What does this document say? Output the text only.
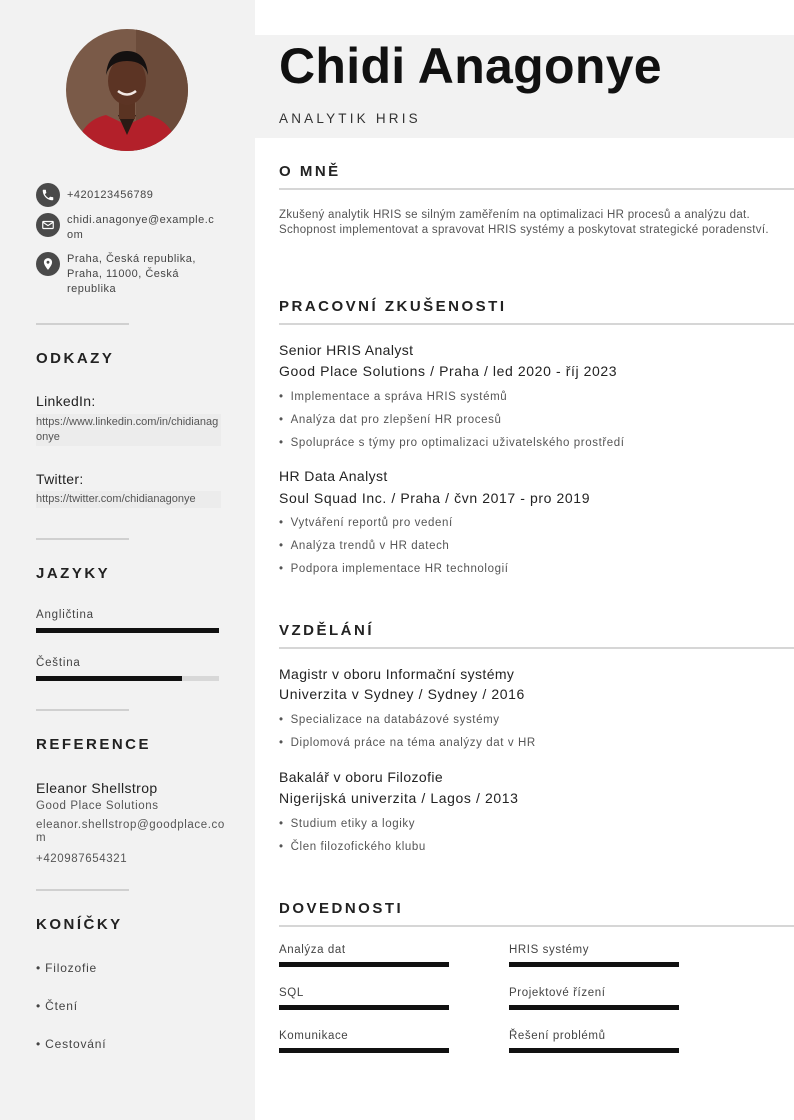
+420123456789
chidi.anagonye@example.com
Praha, Česká republika, Praha, 11000, Česká republika
ODKAZY
LinkedIn:
https://www.linkedin.com/in/chidianagonye
Twitter:
https://twitter.com/chidianagonye
JAZYKY
Angličtina
Čeština
REFERENCE
Eleanor Shellstrop
Good Place Solutions
eleanor.shellstrop@goodplace.com
+420987654321
KONÍČKY
• Filozofie
• Čtení
• Cestování
Chidi Anagonye
ANALYTIK HRIS
O MNĚ
Zkušený analytik HRIS se silným zaměřením na optimalizaci HR procesů a analýzu dat. Schopnost implementovat a spravovat HRIS systémy a poskytovat strategické poradenství.
PRACOVNÍ ZKUŠENOSTI
Senior HRIS Analyst
Good Place Solutions / Praha / led 2020 - říj 2023
• Implementace a správa HRIS systémů
• Analýza dat pro zlepšení HR procesů
• Spolupráce s týmy pro optimalizaci uživatelského prostředí
HR Data Analyst
Soul Squad Inc. / Praha / čvn 2017 - pro 2019
• Vytváření reportů pro vedení
• Analýza trendů v HR datech
• Podpora implementace HR technologií
VZDĚLÁNÍ
Magistr v oboru Informační systémy
Univerzita v Sydney / Sydney / 2016
• Specializace na databázové systémy
• Diplomová práce na téma analýzy dat v HR
Bakalář v oboru Filozofie
Nigerijská univerzita / Lagos / 2013
• Studium etiky a logiky
• Člen filozofického klubu
DOVEDNOSTI
Analýza dat	HRIS systémy
SQL	Projektové řízení
Komunikace	Řešení problémů
